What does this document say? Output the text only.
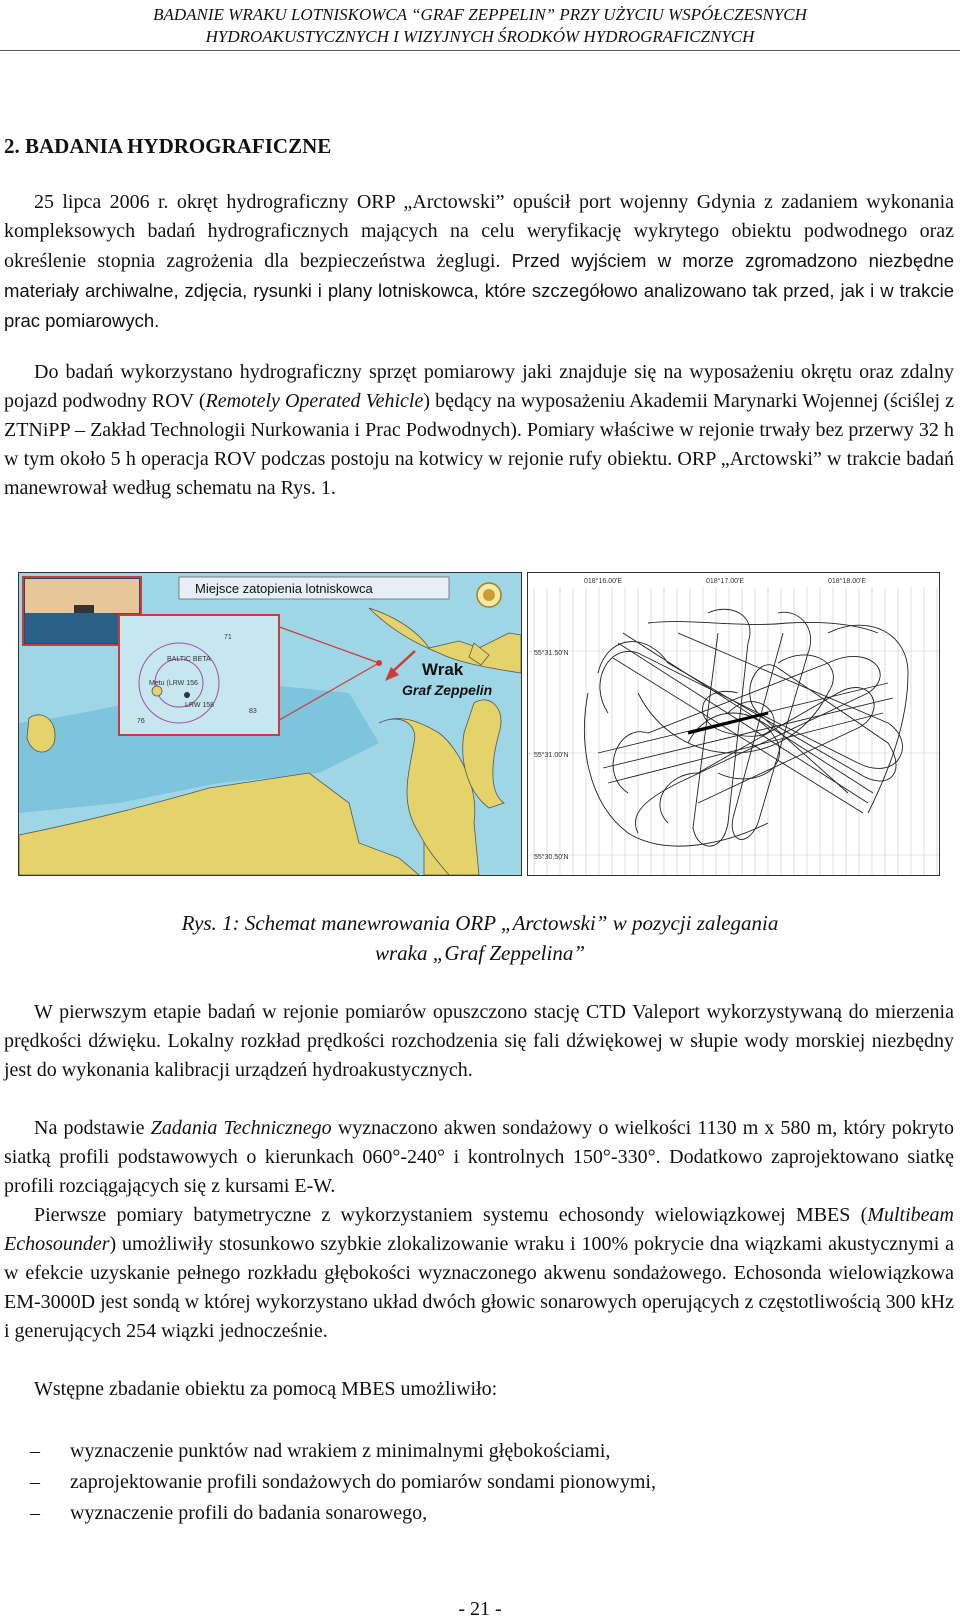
BADANIE WRAKU LOTNISKOWCA “GRAF ZEPPELIN” PRZY UŻYCIU WSPÓŁCZESNYCH
HYDROAKUSTYCZNYCH I WIZYJNYCH ŚRODKÓW HYDROGRAFICZNYCH
2. BADANIA HYDROGRAFICZNE

25 lipca 2006 r. okręt hydrograficzny ORP „Arctowski” opuścił port wojenny Gdynia z zadaniem wykonania kompleksowych badań hydrograficznych mających na celu weryfikację wykrytego obiektu podwodnego oraz określenie stopnia zagrożenia dla bezpieczeństwa żeglugi. Przed wyjściem w morze zgromadzono niezbędne materiały archiwalne, zdjęcia, rysunki i plany lotniskowca, które szczegółowo analizowano tak przed, jak i w trakcie prac pomiarowych.

Do badań wykorzystano hydrograficzny sprzęt pomiarowy jaki znajduje się na wyposażeniu okrętu oraz zdalny pojazd podwodny ROV (Remotely Operated Vehicle) będący na wyposażeniu Akademii Marynarki Wojennej (ściślej z ZTNiPP – Zakład Technologii Nurkowania i Prac Podwodnych). Pomiary właściwe w rejonie trwały bez przerwy 32 h w tym około 5 h operacja ROV podczas postoju na kotwicy w rejonie rufy obiektu. ORP „Arctowski” w trakcie badań manewrował według schematu na Rys. 1.

Miejsce zatopienia lotniskowca
Wrak
Graf Zeppelin
BALTIC BETA
Mętu (LRW 156
LRW 158
71
76
83
018°16.00'E	018°17.00'E	018°18.00'E
55°31.50'N
55°31.00'N
55°30.50'N
Rys. 1: Schemat manewrowania ORP „Arctowski” w pozycji zalegania
wraka „Graf Zeppelina”

W pierwszym etapie badań w rejonie pomiarów opuszczono stację CTD Valeport wykorzystywaną do mierzenia prędkości dźwięku. Lokalny rozkład prędkości rozchodzenia się fali dźwiękowej w słupie wody morskiej niezbędny jest do wykonania kalibracji urządzeń hydroakustycznych.

Na podstawie Zadania Technicznego wyznaczono akwen sondażowy o wielkości 1130 m x 580 m, który pokryto siatką profili podstawowych o kierunkach 060°-240° i kontrolnych 150°-330°. Dodatkowo zaprojektowano siatkę profili rozciągających się z kursami E-W.

Pierwsze pomiary batymetryczne z wykorzystaniem systemu echosondy wielowiązkowej MBES (Multibeam Echosounder) umożliwiły stosunkowo szybkie zlokalizowanie wraku i 100% pokrycie dna wiązkami akustycznymi a w efekcie uzyskanie pełnego rozkładu głębokości wyznaczonego akwenu sondażowego. Echosonda wielowiązkowa EM-3000D jest sondą w której wykorzystano układ dwóch głowic sonarowych operujących z częstotliwością 300 kHz i generujących 254 wiązki jednocześnie.

Wstępne zbadanie obiektu za pomocą MBES umożliwiło:

– wyznaczenie punktów nad wrakiem z minimalnymi głębokościami,
– zaprojektowanie profili sondażowych do pomiarów sondami pionowymi,
– wyznaczenie profili do badania sonarowego,
- 21 -
